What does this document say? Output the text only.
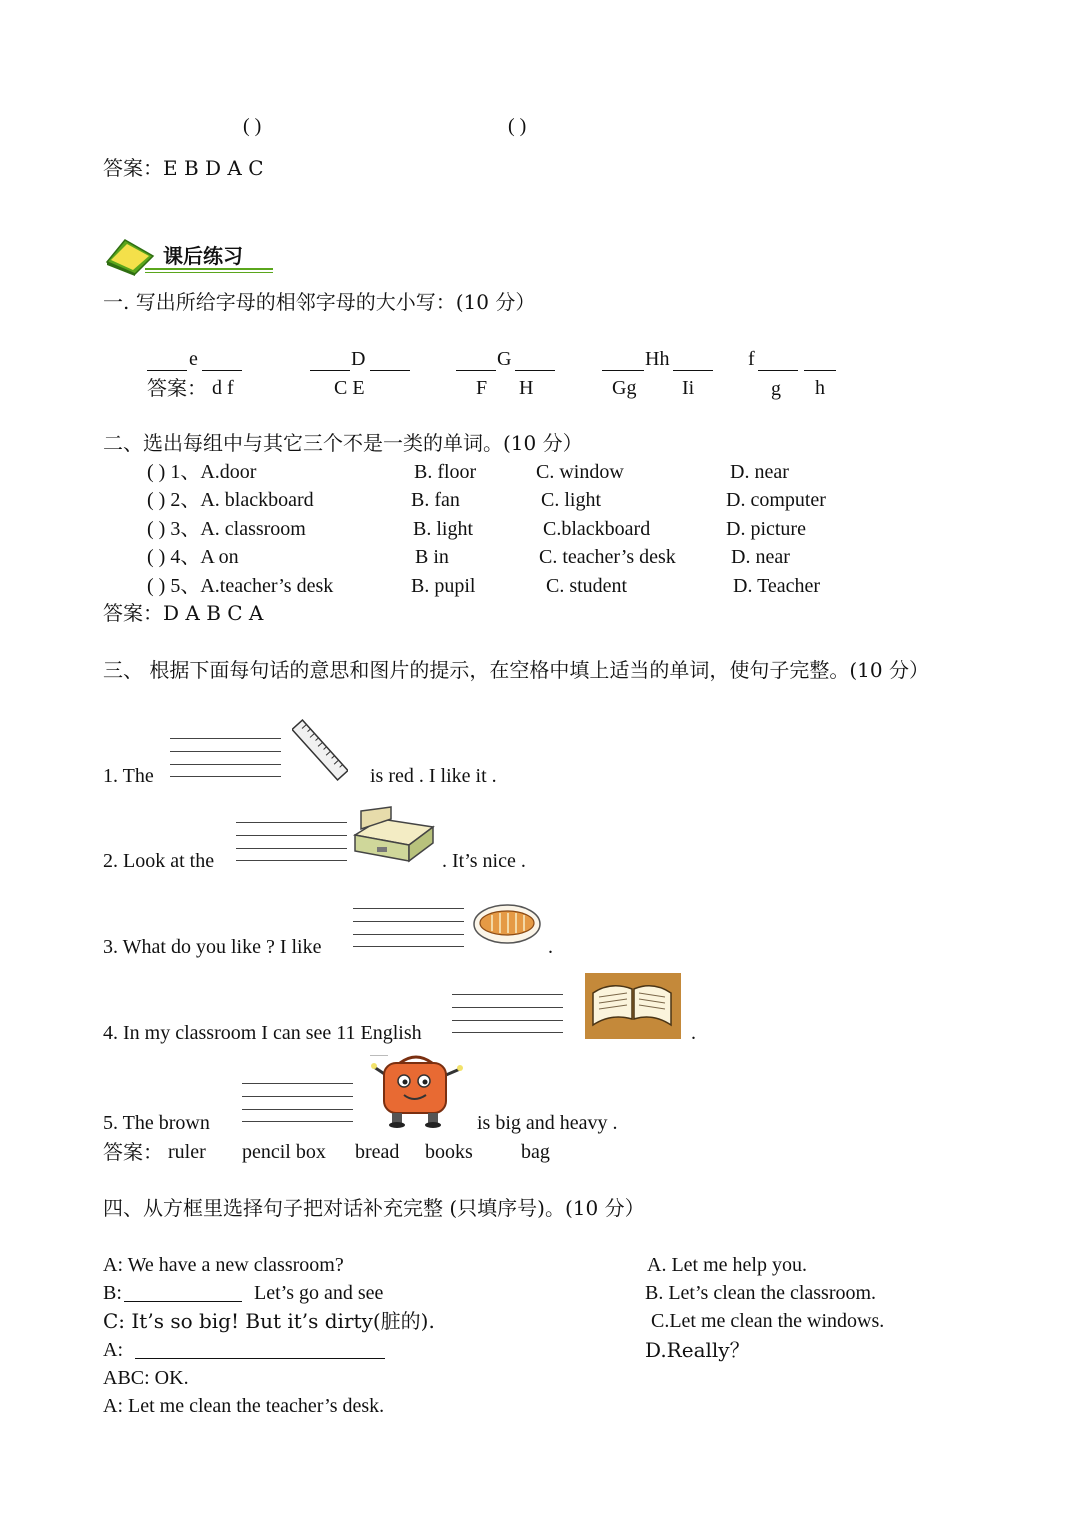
( )	( )
答案：E B D A C
课后练习
一. 写出所给字母的相邻字母的大小写：(10 分）
e	D	G	Hh	f
答案： d f	C E	F H	Gg Ii	g h
二、选出每组中与其它三个不是一类的单词。(10 分）
( ) 1、A.door	B. floor	C. window	D. near
( ) 2、A. blackboard	B. fan	C. light	D. computer
( ) 3、A. classroom	B. light	C.blackboard	D. picture
( ) 4、A on	B in	C. teacher’s desk	D. near
( ) 5、A.teacher’s desk	B. pupil	C. student	D. Teacher
答案：D A B C A
三、 根据下面每句话的意思和图片的提示，在空格中填上适当的单词，使句子完整。(10 分）
1. The	is red . I like it .
2. Look at the	. It’s nice .
3. What do you like ? I like	.
4. In my classroom I can see 11 English	.
5. The brown	is big and heavy .
答案： ruler pencil box bread books bag
四、从方框里选择句子把对话补充完整 (只填序号)。(10 分）
A: We have a new classroom?
B:	Let’s go and see
C: It’s so big! But it’s dirty(脏的).
A:
ABC: OK.
A: Let me clean the teacher’s desk.
A. Let me help you.
B. Let’s clean the classroom.
C.Let me clean the windows.
D.Really？
